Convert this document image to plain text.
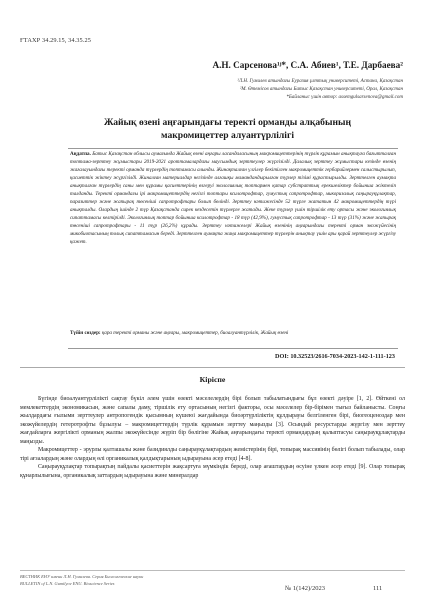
ҒТАХР 34.29.15, 34.35.25
А.Н. Сарсенова¹ʲ*, С.А. Абиев¹, Т.Е. Дарбаева²
¹Л.Н. Гумилев атындағы Еуразия ұлттық университеті, Астана, Қазақстан
²М. Өтемісов атындағы Батыс Қазақстан университеті, Орал, Қазақстан
*Байланыс үшін автор: assemgulsarsenova@gmail.com
Жайық өзені аңғарындағы теректі орманды алқабының
макромицеттер алуантүрлілігі
Аңдатпа. Батыс Қазақстан облысы аумағында Жайық өзені аңғары ласандаласының макромицеттерінің түрлік құрамын анықтауға бағытталған топтама-зерттеу жұмыстары 2019-2021 ароттамалардағы маусымдық зерттеулер жүргізілді. Далалық зерттеу жұмыстары кезінде өзенің жағалауындағы теректі орманда түрлердің топтамасы алынды. Жинақталған үлгілер бекітілген макромицеттік гербарийлермен салыстырылып, қасиеттік жіктеу жүргізілді. Жиналған материалдар негізінде алғашқы мамандандырылған түрлер тізімі құрастырылды. Зерттелген аумақта анықталған түрлердің саны мен құрамы қасиеттерінің өзгеруі экологиялық топтармен қатар субстраттық ерекшеліктер бойынша жіктеліп талданды. Теректі ормандағы ірі макромицеттердің негізгі топтары ксилотрофтар, гумустық сапротрофтар, микоризалық саңырауқұлақтар, паразиттер және жапырақ төсеніші сапротрофтары болып бөлінді. Зерттеу нәтижесінде 52 түрге жататын 42 макромицеттердің түрі анықталды. Олардың ішінде 2 түр Қазақстанда сирек кездесетін түрлерге жатады. Жеке түрлер үшін тіршілік ету ортасы және экологиялық сипаттамасы келтірілді. Экологиялық топтар бойынша ксилотрофтар - 18 түр (42,9%), гумустық сапротрофтар - 13 түр (31%) және жапырақ төсеніші сапротрофтары - 11 түр (26,2%) құрады. Зерттеу нәтижелері Жайық өзенінің аңғарындағы теректі орман экожүйесінің микобиотасының толық сипаттамасын береді. Зерттелген аумақта жаңа макромицеттер түрлерін анықтау үшін ары қарай зерттеулер жүргізу қажет.
Түйін сөздер: қара теректі орманы және аңғары, макромицеттер, биоалуантүрлілік, Жайық өзені
DOI: 10.32523/2616-7034-2023-142-1-111-123
Кіріспе

Бүгінде биоалуантүрлілікті сақтау бүкіл әлем үшін өзекті мәселелердің бірі болып табылатындығы бұл өзекті дәуіре [1, 2]. Өйткені ол мемлекеттердің экономикасын, және сапалы даму, тіршілік ету ортасының негізгі факторы, осы мәселелер бір-бірімен тығыз байланысты. Соңғы жылдардағы ғылыми зерттеулер антропогендік қысымның күшеюі жағдайында биоәртүрліліктің құлдырауы белгіленген бірі, биогеоценоздар мен экожүйелердің гетеротрофты бұзылуы – макромицеттердің түрлік құрамын зерттеу маңызды [3]. Осындай ресурстарды жүргізу мен зерттеу жағдайларға жергілікті орманың жалпы экожүйесінде жүріп бір бөлігіне Жайық аңғарындағы теректі ормандардың қалыптасуы саңырауқұлақтарды маңызды.

Макромицеттер - эрурлы қалташалы және базидиялды саңырауқұлақтардың жемістерінің бірі, топырақ массивінің бөлігі болып табылады, олар тірі ағзалардың және олардың өлі органикалық қалдықтарының ыдырауына әсер етеді [4-8].

Саңырауқұлақтар топырақтың пайдалы қасиеттерін жақсартуға мүмкіндік береді, олар ағаштардың өсуіне үлкен әсер етеді [9]. Олар топырақ құнарлылығына, органикалық заттардың ыдырауына және минералдар

ВЕСТНИК ЕНУ имени Л.Н. Гумилева. Серия Биологические науки
BULLETIN of L.N. Gumilyov ENU. Bioscience Series
№ 1(142)/2023	111
